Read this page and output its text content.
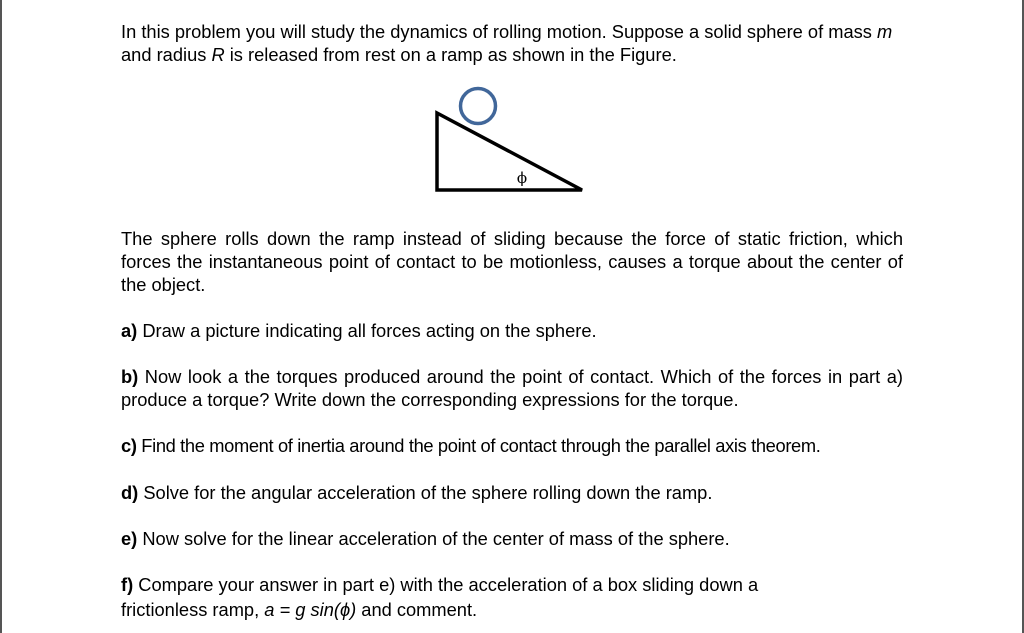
In this problem you will study the dynamics of rolling motion. Suppose a solid sphere of mass m and radius R is released from rest on a ramp as shown in the Figure.

ϕ

The sphere rolls down the ramp instead of sliding because the force of static friction, which forces the instantaneous point of contact to be motionless, causes a torque about the center of the object.

a) Draw a picture indicating all forces acting on the sphere.

b) Now look a the torques produced around the point of contact. Which of the forces in part a) produce a torque? Write down the corresponding expressions for the torque.

c) Find the moment of inertia around the point of contact through the parallel axis theorem.

d) Solve for the angular acceleration of the sphere rolling down the ramp.

e) Now solve for the linear acceleration of the center of mass of the sphere.

f) Compare your answer in part e) with the acceleration of a box sliding down a frictionless ramp, a = g sin(ϕ) and comment.
